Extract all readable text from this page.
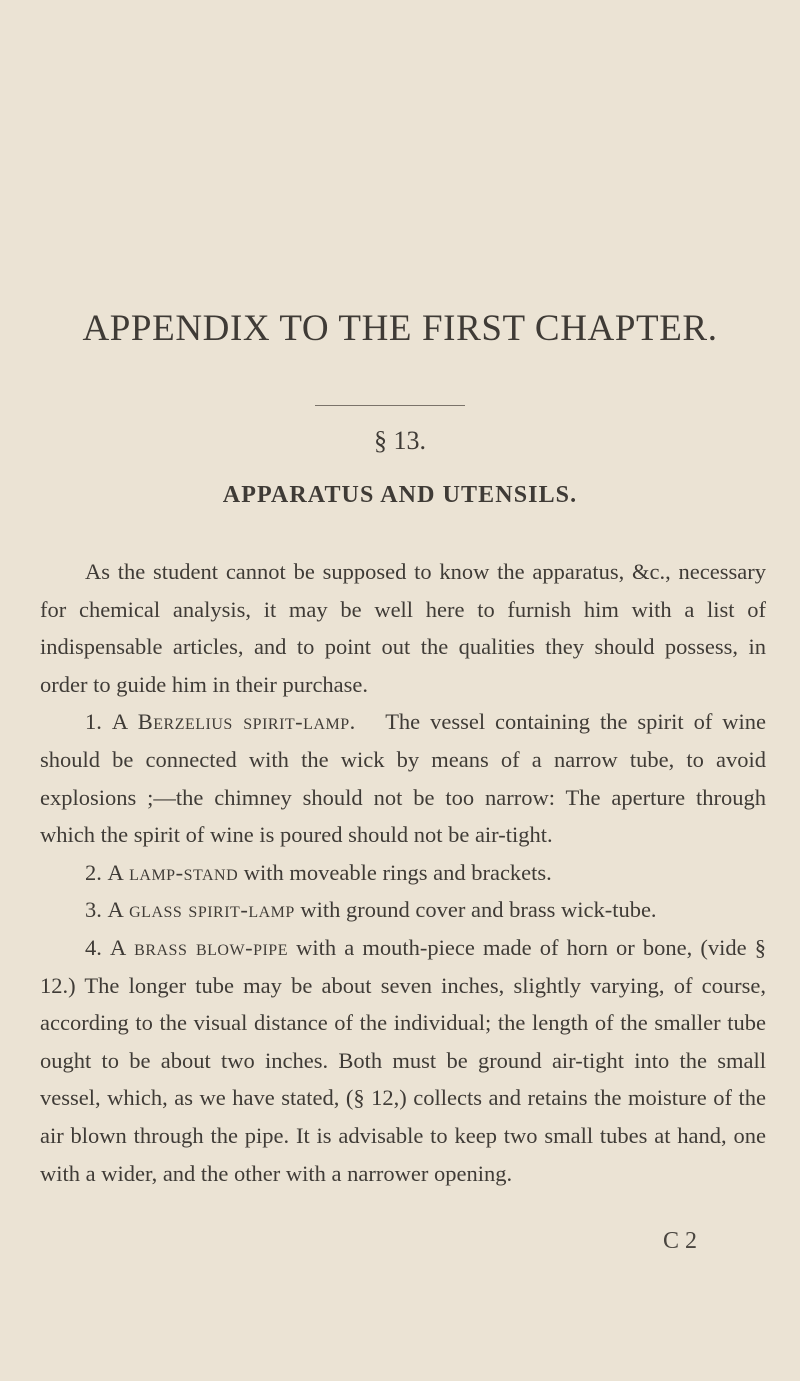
APPENDIX TO THE FIRST CHAPTER.
§ 13.
APPARATUS AND UTENSILS.

As the student cannot be supposed to know the apparatus, &c., necessary for chemical analysis, it may be well here to furnish him with a list of indispensable articles, and to point out the qualities they should possess, in order to guide him in their purchase.

1. A Berzelius spirit-lamp. The vessel containing the spirit of wine should be connected with the wick by means of a narrow tube, to avoid explosions ;—the chimney should not be too narrow: The aperture through which the spirit of wine is poured should not be air-tight.

2. A lamp-stand with moveable rings and brackets.

3. A glass spirit-lamp with ground cover and brass wick-tube.

4. A brass blow-pipe with a mouth-piece made of horn or bone, (vide § 12.) The longer tube may be about seven inches, slightly varying, of course, according to the visual distance of the individual; the length of the smaller tube ought to be about two inches. Both must be ground air-tight into the small vessel, which, as we have stated, (§ 12,) collects and retains the moisture of the air blown through the pipe. It is advisable to keep two small tubes at hand, one with a wider, and the other with a narrower opening.

C 2
